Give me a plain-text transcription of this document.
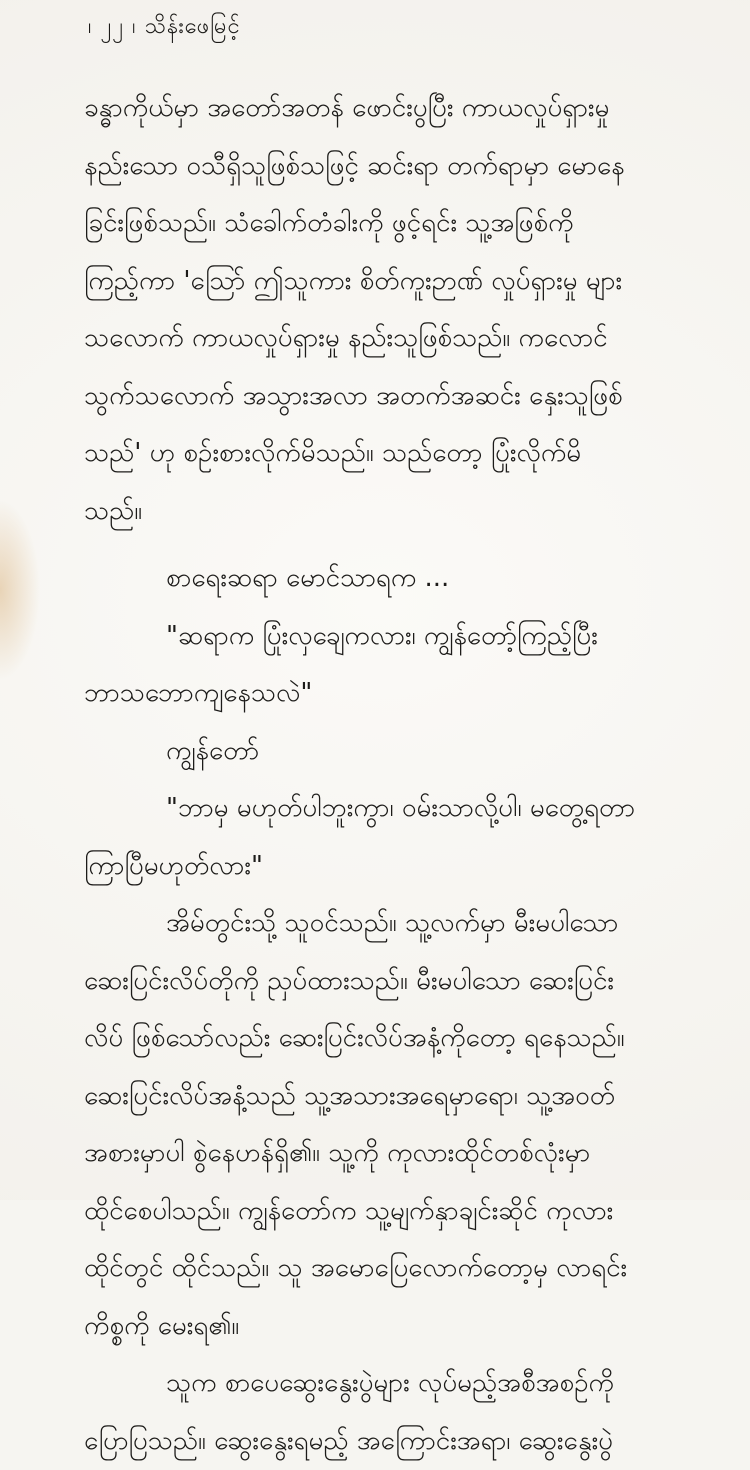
၊ ၂၂ ၊ သိန်းဖေမြင့်
ခန္ဓာကိုယ်မှာ အတော်အတန် ဖောင်းပွပြီး ကာယလှုပ်ရှားမှု
နည်းသော ဝသီရှိသူဖြစ်သဖြင့် ဆင်းရာ တက်ရာမှာ မောနေ
ခြင်းဖြစ်သည်။ သံခေါက်တံခါးကို ဖွင့်ရင်း သူ့အဖြစ်ကို
ကြည့်ကာ 'သြော် ဤသူကား စိတ်ကူးဉာဏ် လှုပ်ရှားမှု များ
သလောက် ကာယလှုပ်ရှားမှု နည်းသူဖြစ်သည်။ ကလောင်
သွက်သလောက် အသွားအလာ အတက်အဆင်း နှေးသူဖြစ်
သည်' ဟု စဉ်းစားလိုက်မိသည်။ သည်တော့ ပြုံးလိုက်မိ
သည်။
စာရေးဆရာ မောင်သာရက ...
"ဆရာက ပြုံးလှချေကလား၊ ကျွန်တော့်ကြည့်ပြီး
ဘာသဘောကျနေသလဲ"
ကျွန်တော်
"ဘာမှ မဟုတ်ပါဘူးကွာ၊ ဝမ်းသာလို့ပါ၊ မတွေ့ရတာ
ကြာပြီမဟုတ်လား"
အိမ်တွင်းသို့ သူဝင်သည်။ သူ့လက်မှာ မီးမပါသော
ဆေးပြင်းလိပ်တိုကို ညှပ်ထားသည်။ မီးမပါသော ဆေးပြင်း
လိပ် ဖြစ်သော်လည်း ဆေးပြင်းလိပ်အနံ့ကိုတော့ ရနေသည်။
ဆေးပြင်းလိပ်အနံ့သည် သူ့အသားအရေမှာရော၊ သူ့အဝတ်
အစားမှာပါ စွဲနေဟန်ရှိ၏။ သူ့ကို ကုလားထိုင်တစ်လုံးမှာ
ထိုင်စေပါသည်။ ကျွန်တော်က သူ့မျက်နှာချင်းဆိုင် ကုလား
ထိုင်တွင် ထိုင်သည်။ သူ အမောပြေလောက်တော့မှ လာရင်း
ကိစ္စကို မေးရ၏။
သူက စာပေဆွေးနွေးပွဲများ လုပ်မည့်အစီအစဉ်ကို
ပြောပြသည်။ ဆွေးနွေးရမည့် အကြောင်းအရာ၊ ဆွေးနွေးပွဲ
